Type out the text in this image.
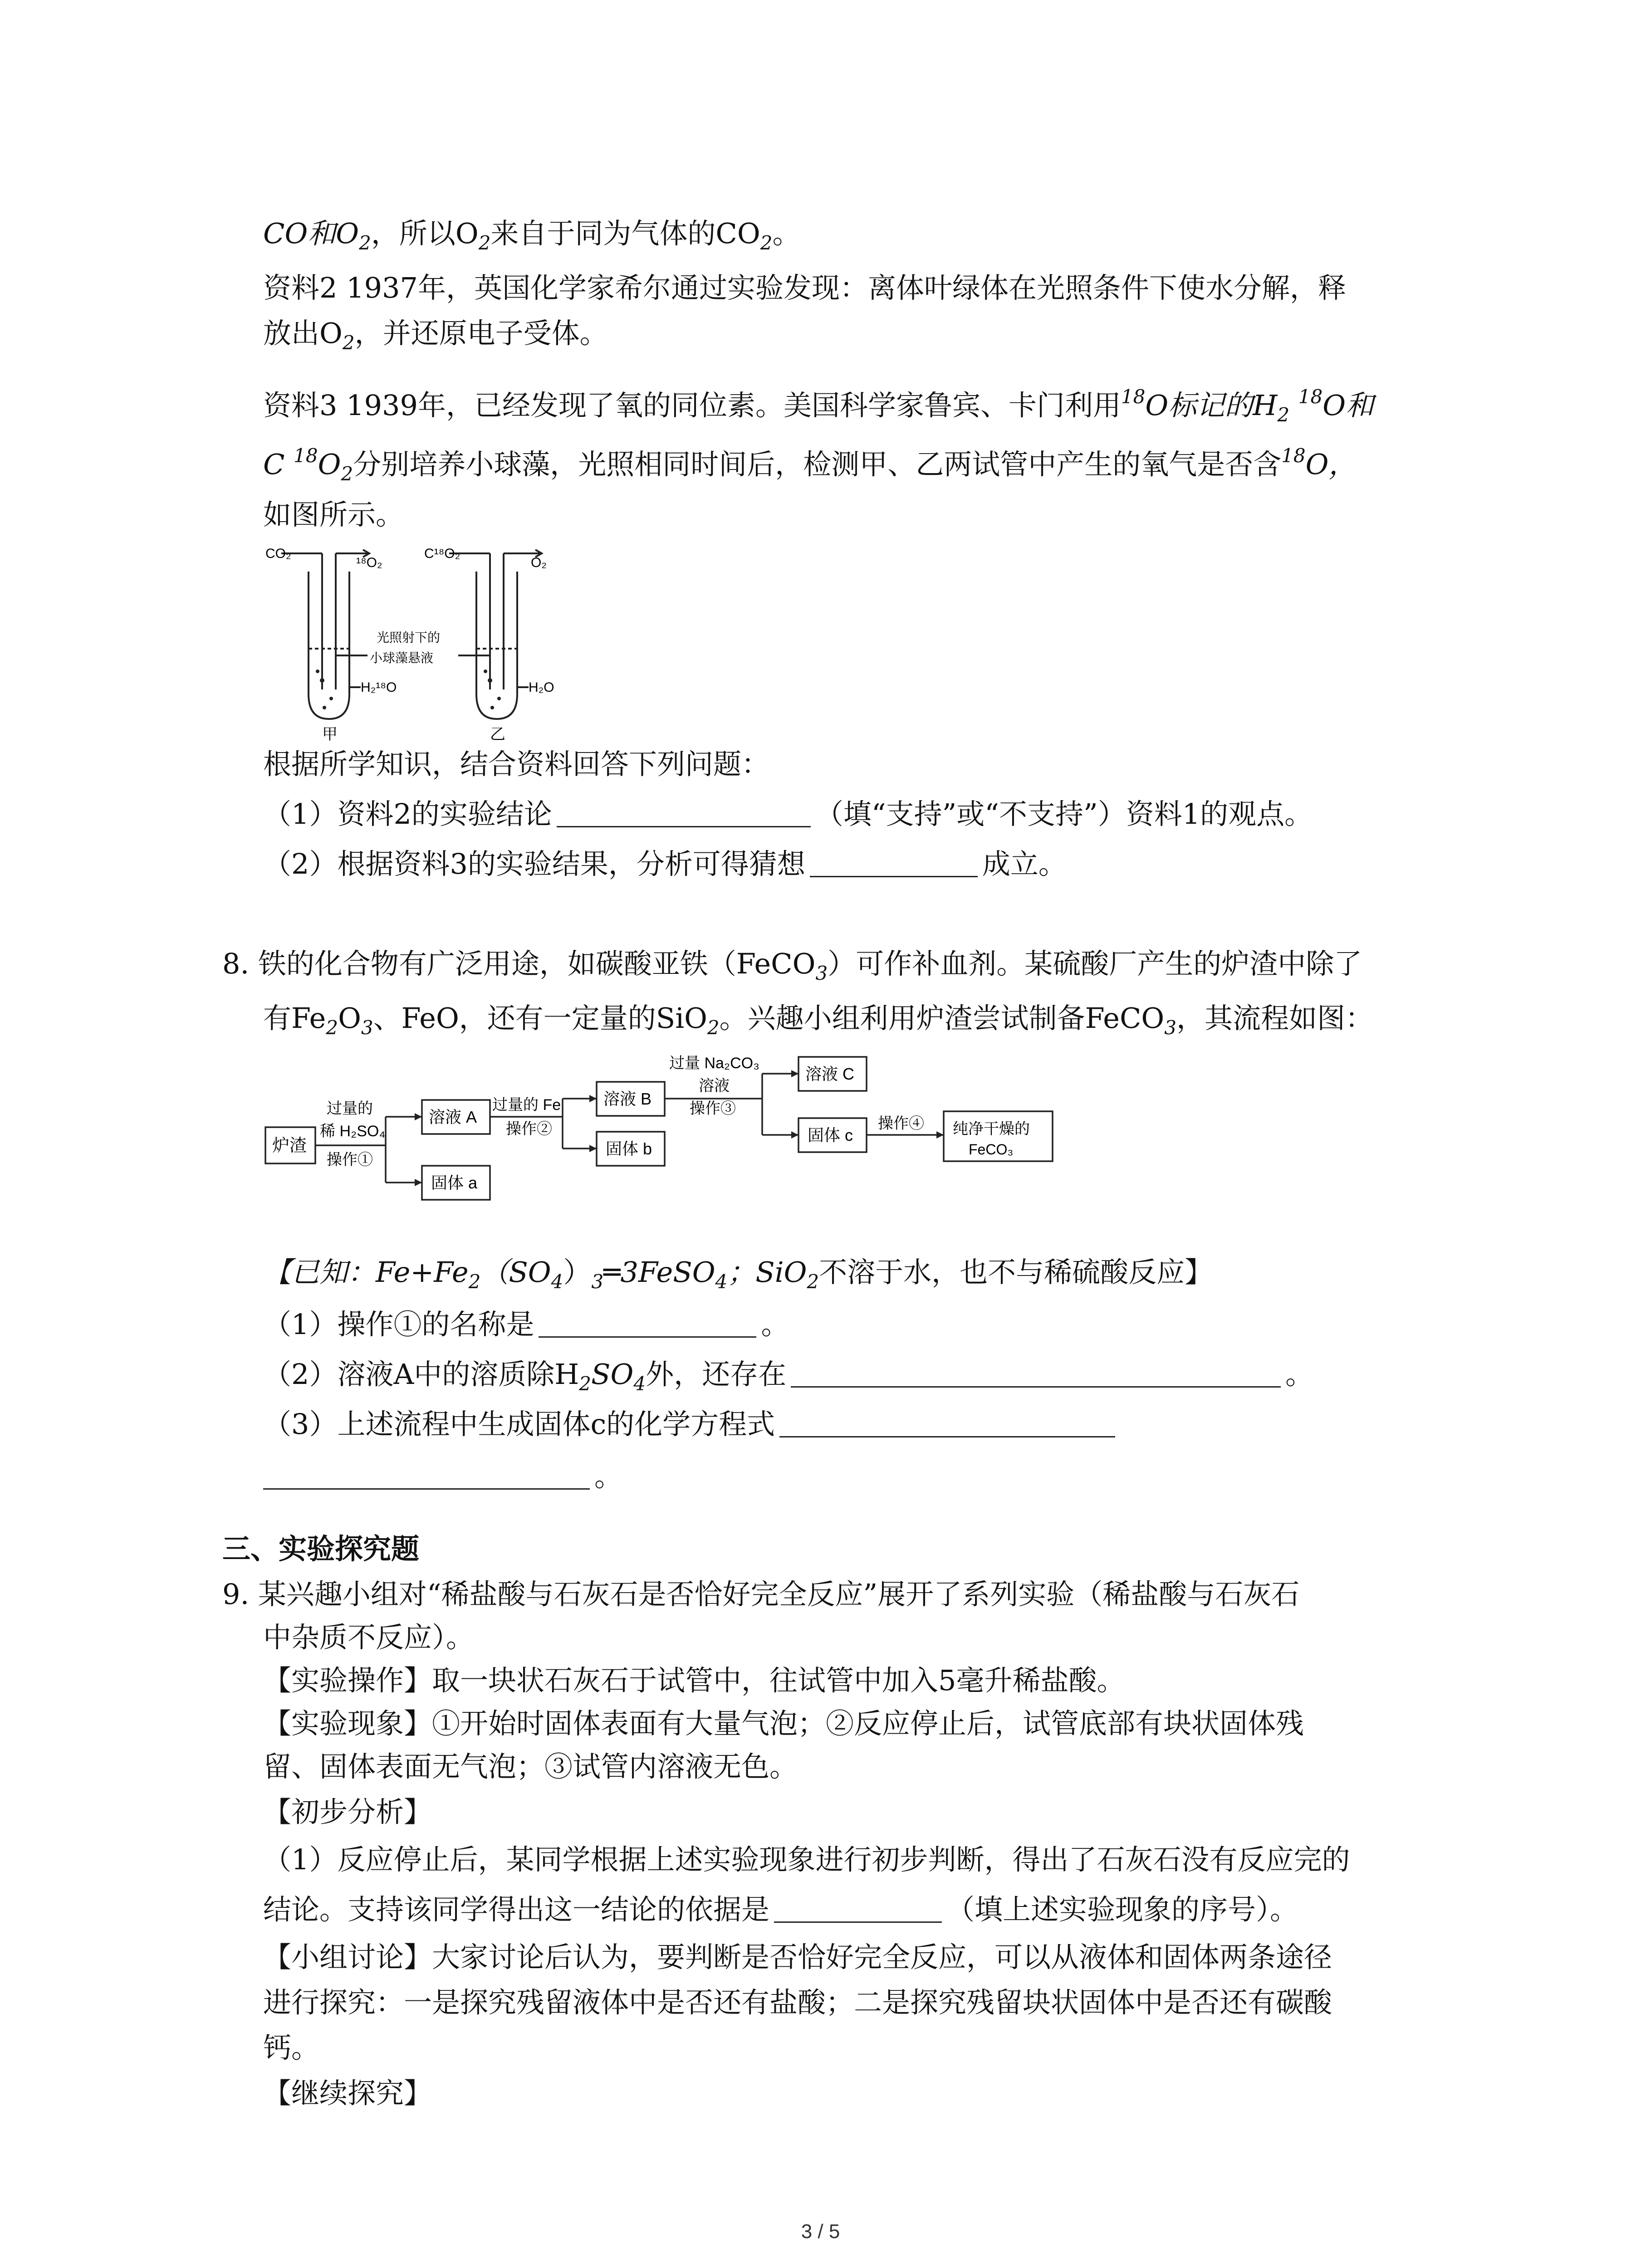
CO和$O_2$，所以$O_2$来自于同为气体的$CO_2$。
资料2 1937年，英国化学家希尔通过实验发现：离体叶绿体在光照条件下使水分解，释
放出$O_2$，并还原电子受体。
资料3 1939年，已经发现了氧的同位素。美国科学家鲁宾、卡门利用$^{18}$O标记的$H_2$ $^{18}$O和
C $^{18}O_2$分别培养小球藻，光照相同时间后，检测甲、乙两试管中产生的氧气是否含$^{18}$O，
如图所示。
CO₂
¹⁸O₂
C¹⁸O₂
O₂
光照射下的
小球藻悬液
H₂¹⁸O	H₂O
甲	乙
根据所学知识，结合资料回答下列问题：
（1）资料2的实验结论	（填“支持”或“不支持”）资料1的观点。
（2）根据资料3的实验结果，分析可得猜想	成立。
8. 铁的化合物有广泛用途，如碳酸亚铁（FeCO$_3$）可作补血剂。某硫酸厂产生的炉渣中除了
有$Fe_2O_3$、FeO，还有一定量的SiO$_2$。兴趣小组利用炉渣尝试制备FeCO$_3$，其流程如图：
炉渣
过量的
稀 H₂SO₄
操作①
溶液 A
固体 a
过量的 Fe
操作②
溶液 B
固体 b
过量 Na₂CO₃
溶液
操作③
溶液 C
固体 c
操作④ 纯净干燥的
FeCO₃
【已知：$Fe+Fe_2(SO_4)_3═3FeSO_4$；SiO$_2$不溶于水，也不与稀硫酸反应】
（1）操作①的名称是	。
（2）溶液A中的溶质除$H_2SO_4$外，还存在	。
（3）上述流程中生成固体c的化学方程式
。
三、实验探究题
9. 某兴趣小组对“稀盐酸与石灰石是否恰好完全反应”展开了系列实验（稀盐酸与石灰石
中杂质不反应）。
【实验操作】取一块状石灰石于试管中，往试管中加入5毫升稀盐酸。
【实验现象】①开始时固体表面有大量气泡；②反应停止后，试管底部有块状固体残
留、固体表面无气泡；③试管内溶液无色。
【初步分析】
（1）反应停止后，某同学根据上述实验现象进行初步判断，得出了石灰石没有反应完的
结论。支持该同学得出这一结论的依据是	（填上述实验现象的序号）。
【小组讨论】大家讨论后认为，要判断是否恰好完全反应，可以从液体和固体两条途径
进行探究：一是探究残留液体中是否还有盐酸；二是探究残留块状固体中是否还有碳酸
钙。
【继续探究】
3 / 5
